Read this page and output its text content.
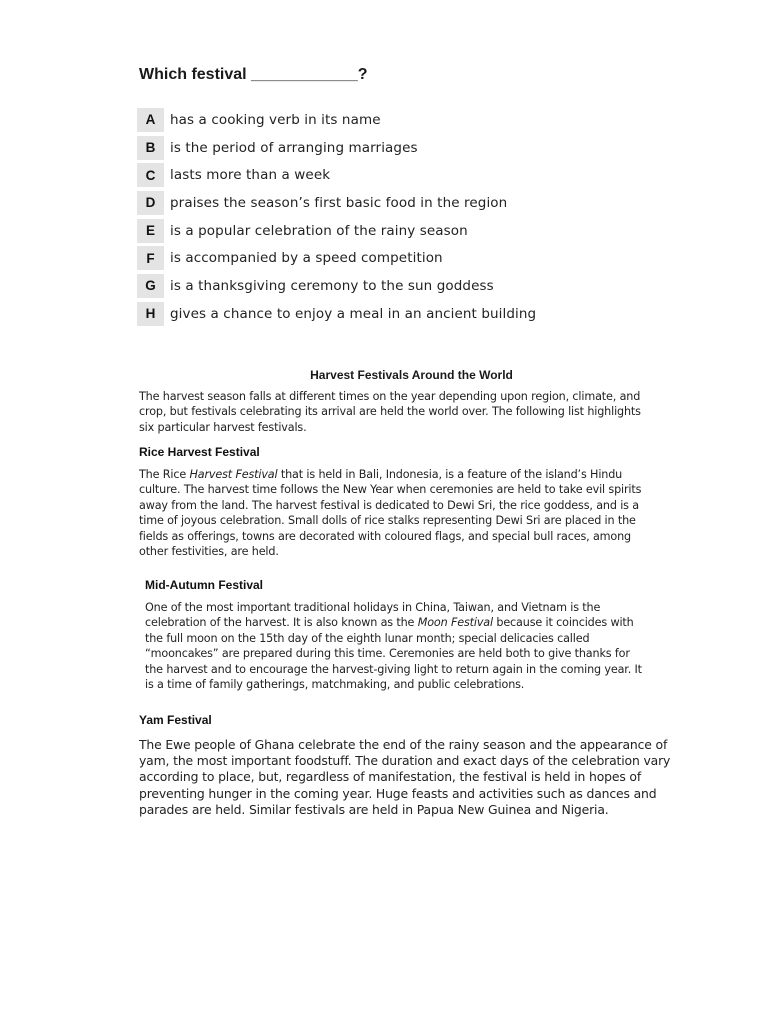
Which festival ____________?
A	has a cooking verb in its name
B	is the period of arranging marriages
C	lasts more than a week
D	praises the season’s first basic food in the region
E	is a popular celebration of the rainy season
F	is accompanied by a speed competition
G	is a thanksgiving ceremony to the sun goddess
H	gives a chance to enjoy a meal in an ancient building
Harvest Festivals Around the World

The harvest season falls at different times on the year depending upon region, climate, and
crop, but festivals celebrating its arrival are held the world over. The following list highlights
six particular harvest festivals.

Rice Harvest Festival

The Rice Harvest Festival that is held in Bali, Indonesia, is a feature of the island’s Hindu
culture. The harvest time follows the New Year when ceremonies are held to take evil spirits
away from the land. The harvest festival is dedicated to Dewi Sri, the rice goddess, and is a
time of joyous celebration. Small dolls of rice stalks representing Dewi Sri are placed in the
fields as offerings, towns are decorated with coloured flags, and special bull races, among
other festivities, are held.

Mid-Autumn Festival

One of the most important traditional holidays in China, Taiwan, and Vietnam is the
celebration of the harvest. It is also known as the Moon Festival because it coincides with
the full moon on the 15th day of the eighth lunar month; special delicacies called
“mooncakes” are prepared during this time. Ceremonies are held both to give thanks for
the harvest and to encourage the harvest-giving light to return again in the coming year. It
is a time of family gatherings, matchmaking, and public celebrations.

Yam Festival

The Ewe people of Ghana celebrate the end of the rainy season and the appearance of
yam, the most important foodstuff. The duration and exact days of the celebration vary
according to place, but, regardless of manifestation, the festival is held in hopes of
preventing hunger in the coming year. Huge feasts and activities such as dances and
parades are held. Similar festivals are held in Papua New Guinea and Nigeria.
